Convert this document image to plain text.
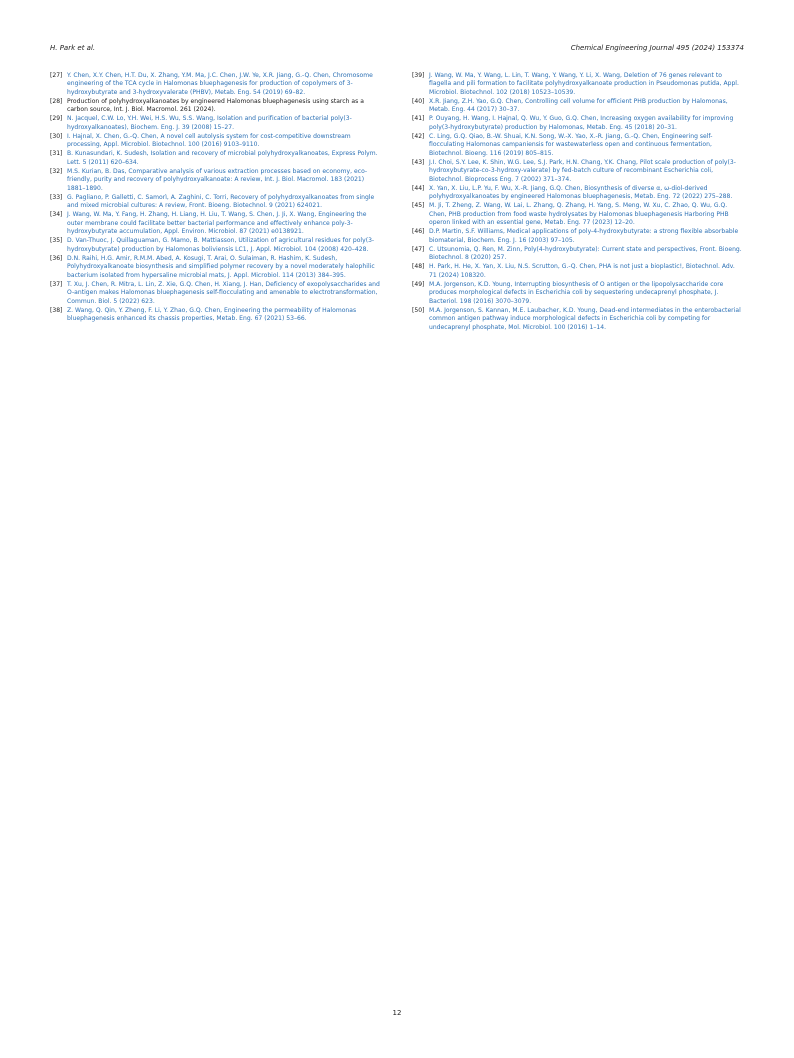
H. Park et al.	Chemical Engineering Journal 495 (2024) 153374
[27] Y. Chen, X.Y. Chen, H.T. Du, X. Zhang, Y.M. Ma, J.C. Chen, J.W. Ye, X.R. Jiang, G.-Q. Chen, Chromosome engineering of the TCA cycle in Halomonas bluephagenesis for production of copolymers of 3-hydroxybutyrate and 3-hydroxyvalerate (PHBV), Metab. Eng. 54 (2019) 69–82.
[28] Production of polyhydroxyalkanoates by engineered Halomonas bluephagenesis using starch as a carbon source, Int. J. Biol. Macromol. 261 (2024).
[29] N. Jacquel, C.W. Lo, Y.H. Wei, H.S. Wu, S.S. Wang, Isolation and purification of bacterial poly(3-hydroxyalkanoates), Biochem. Eng. J. 39 (2008) 15–27.
[30] I. Hajnal, X. Chen, G.-Q. Chen, A novel cell autolysis system for cost-competitive downstream processing, Appl. Microbiol. Biotechnol. 100 (2016) 9103–9110.
[31] B. Kunasundari, K. Sudesh, Isolation and recovery of microbial polyhydroxyalkanoates, Express Polym. Lett. 5 (2011) 620–634.
[32] M.S. Kurian, B. Das, Comparative analysis of various extraction processes based on economy, eco-friendly, purity and recovery of polyhydroxyalkanoate: A review, Int. J. Biol. Macromol. 183 (2021) 1881–1890.
[33] G. Pagliano, P. Galletti, C. Samorì, A. Zaghini, C. Torri, Recovery of polyhydroxyalkanoates from single and mixed microbial cultures: A review, Front. Bioeng. Biotechnol. 9 (2021) 624021.
[34] J. Wang, W. Ma, Y. Fang, H. Zhang, H. Liang, H. Liu, T. Wang, S. Chen, J. Ji, X. Wang, Engineering the outer membrane could facilitate better bacterial performance and effectively enhance poly-3-hydroxybutyrate accumulation, Appl. Environ. Microbiol. 87 (2021) e0138921.
[35] D. Van-Thuoc, J. Quillaguaman, G. Mamo, B. Mattiasson, Utilization of agricultural residues for poly(3-hydroxybutyrate) production by Halomonas boliviensis LC1, J. Appl. Microbiol. 104 (2008) 420–428.
[36] D.N. Raihi, H.G. Amir, R.M.M. Abed, A. Kosugi, T. Arai, O. Sulaiman, R. Hashim, K. Sudesh, Polyhydroxyalkanoate biosynthesis and simplified polymer recovery by a novel moderately halophilic bacterium isolated from hypersaline microbial mats, J. Appl. Microbiol. 114 (2013) 384–395.
[37] T. Xu, J. Chen, R. Mitra, L. Lin, Z. Xie, G.Q. Chen, H. Xiang, J. Han, Deficiency of exopolysaccharides and O-antigen makes Halomonas bluephagenesis self-flocculating and amenable to electrotransformation, Commun. Biol. 5 (2022) 623.
[38] Z. Wang, Q. Qin, Y. Zheng, F. Li, Y. Zhao, G.Q. Chen, Engineering the permeability of Halomonas bluephagenesis enhanced its chassis properties, Metab. Eng. 67 (2021) 53–66.
[39] J. Wang, W. Ma, Y. Wang, L. Lin, T. Wang, Y. Wang, Y. Li, X. Wang, Deletion of 76 genes relevant to flagella and pili formation to facilitate polyhydroxyalkanoate production in Pseudomonas putida, Appl. Microbiol. Biotechnol. 102 (2018) 10523–10539.
[40] X.R. Jiang, Z.H. Yao, G.Q. Chen, Controlling cell volume for efficient PHB production by Halomonas, Metab. Eng. 44 (2017) 30–37.
[41] P. Ouyang, H. Wang, I. Hajnal, Q. Wu, Y. Guo, G.Q. Chen, Increasing oxygen availability for improving poly(3-hydroxybutyrate) production by Halomonas, Metab. Eng. 45 (2018) 20–31.
[42] C. Ling, G.Q. Qiao, B.-W. Shuai, K.N. Song, W.-X. Yao, X.-R. Jiang, G.-Q. Chen, Engineering self-flocculating Halomonas campaniensis for wastewaterless open and continuous fermentation, Biotechnol. Bioeng. 116 (2019) 805–815.
[43] J.I. Choi, S.Y. Lee, K. Shin, W.G. Lee, S.J. Park, H.N. Chang, Y.K. Chang, Pilot scale production of poly(3-hydroxybutyrate-co-3-hydroxy-valerate) by fed-batch culture of recombinant Escherichia coli, Biotechnol. Bioprocess Eng. 7 (2002) 371–374.
[44] X. Yan, X. Liu, L.P. Yu, F. Wu, X.-R. Jiang, G.Q. Chen, Biosynthesis of diverse α, ω-diol-derived polyhydroxyalkanoates by engineered Halomonas bluephagenesis, Metab. Eng. 72 (2022) 275–288.
[45] M. Ji, T. Zheng, Z. Wang, W. Lai, L. Zhang, Q. Zhang, H. Yang, S. Meng, W. Xu, C. Zhao, Q. Wu, G.Q. Chen, PHB production from food waste hydrolysates by Halomonas bluephagenesis Harboring PHB operon linked with an essential gene, Metab. Eng. 77 (2023) 12–20.
[46] D.P. Martin, S.F. Williams, Medical applications of poly-4-hydroxybutyrate: a strong flexible absorbable biomaterial, Biochem. Eng. J. 16 (2003) 97–105.
[47] C. Utsunomia, Q. Ren, M. Zinn, Poly(4-hydroxybutyrate): Current state and perspectives, Front. Bioeng. Biotechnol. 8 (2020) 257.
[48] H. Park, H. He, X. Yan, X. Liu, N.S. Scrutton, G.-Q. Chen, PHA is not just a bioplastic!, Biotechnol. Adv. 71 (2024) 108320.
[49] M.A. Jorgenson, K.D. Young, Interrupting biosynthesis of O antigen or the lipopolysaccharide core produces morphological defects in Escherichia coli by sequestering undecaprenyl phosphate, J. Bacteriol. 198 (2016) 3070–3079.
[50] M.A. Jorgenson, S. Kannan, M.E. Laubacher, K.D. Young, Dead-end intermediates in the enterobacterial common antigen pathway induce morphological defects in Escherichia coli by competing for undecaprenyl phosphate, Mol. Microbiol. 100 (2016) 1–14.
12
